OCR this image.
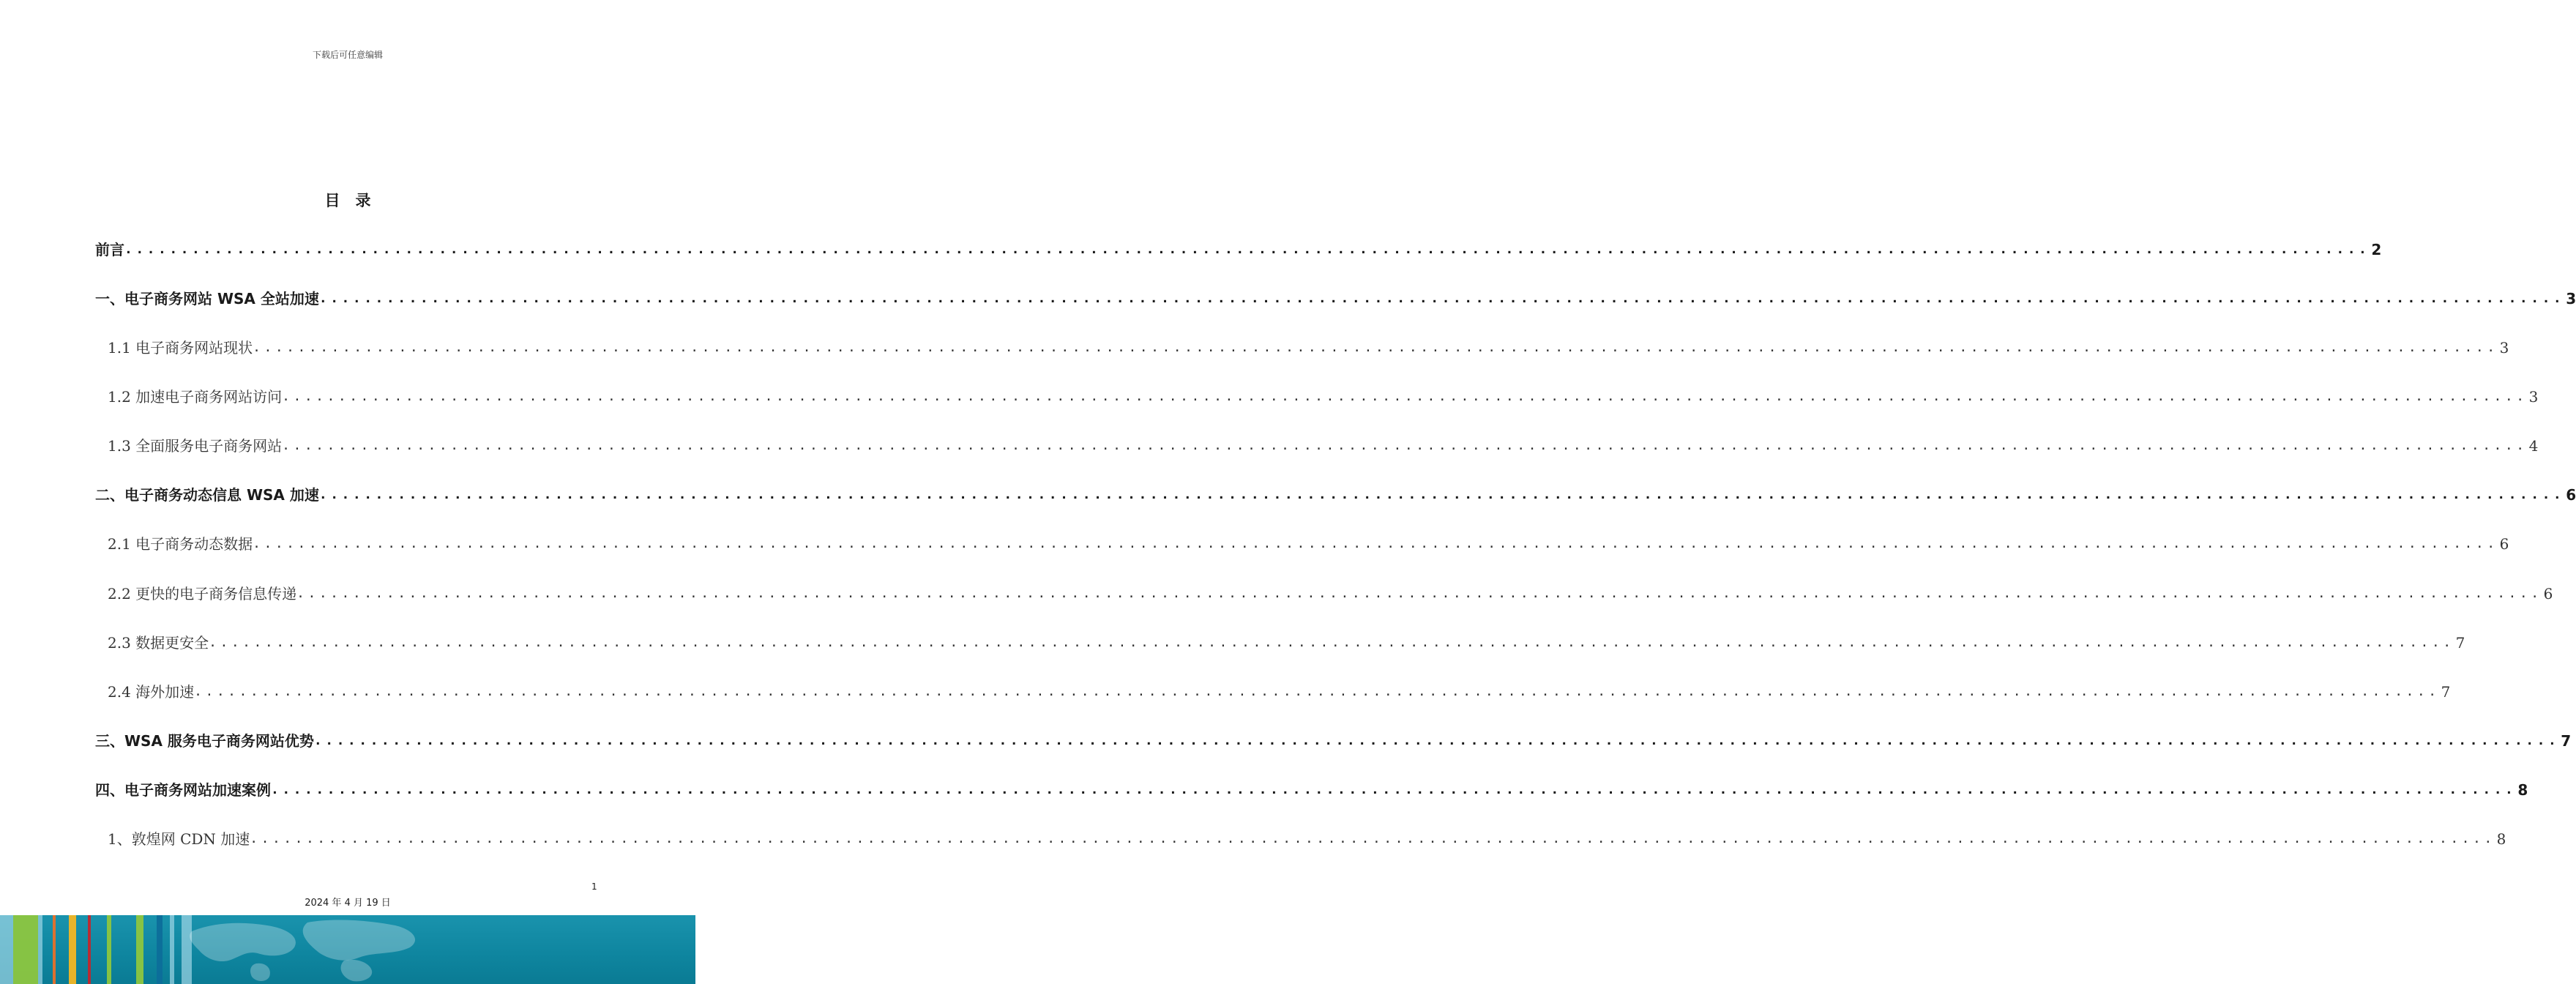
下载后可任意编辑
目　录
前言 ........................................................................................................................................................................................................ 2
一、电子商务网站 WSA 全站加速 ........................................................................................................................................................................................................ 3
1.1 电子商务网站现状 ........................................................................................................................................................................................................ 3
1.2 加速电子商务网站访问 ........................................................................................................................................................................................................ 3
1.3 全面服务电子商务网站 ........................................................................................................................................................................................................ 4
二、电子商务动态信息 WSA 加速 ........................................................................................................................................................................................................ 6
2.1 电子商务动态数据 ........................................................................................................................................................................................................ 6
2.2 更快的电子商务信息传递 ........................................................................................................................................................................................................ 6
2.3 数据更安全 ........................................................................................................................................................................................................ 7
2.4 海外加速 ........................................................................................................................................................................................................ 7
三、WSA 服务电子商务网站优势 ........................................................................................................................................................................................................ 7
四、电子商务网站加速案例 ........................................................................................................................................................................................................ 8
1、敦煌网 CDN 加速 ........................................................................................................................................................................................................ 8
1
2024 年 4 月 19 日
